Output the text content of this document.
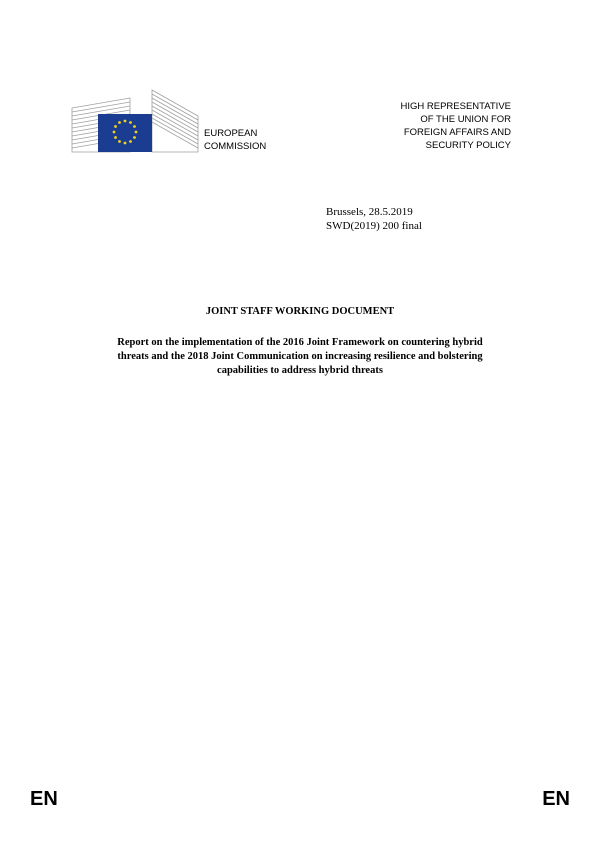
EUROPEAN
COMMISSION
HIGH REPRESENTATIVE
OF THE UNION FOR
FOREIGN AFFAIRS AND
SECURITY POLICY
Brussels, 28.5.2019
SWD(2019) 200 final
JOINT STAFF WORKING DOCUMENT
Report on the implementation of the 2016 Joint Framework on countering hybrid
threats and the 2018 Joint Communication on increasing resilience and bolstering
capabilities to address hybrid threats
EN	EN
